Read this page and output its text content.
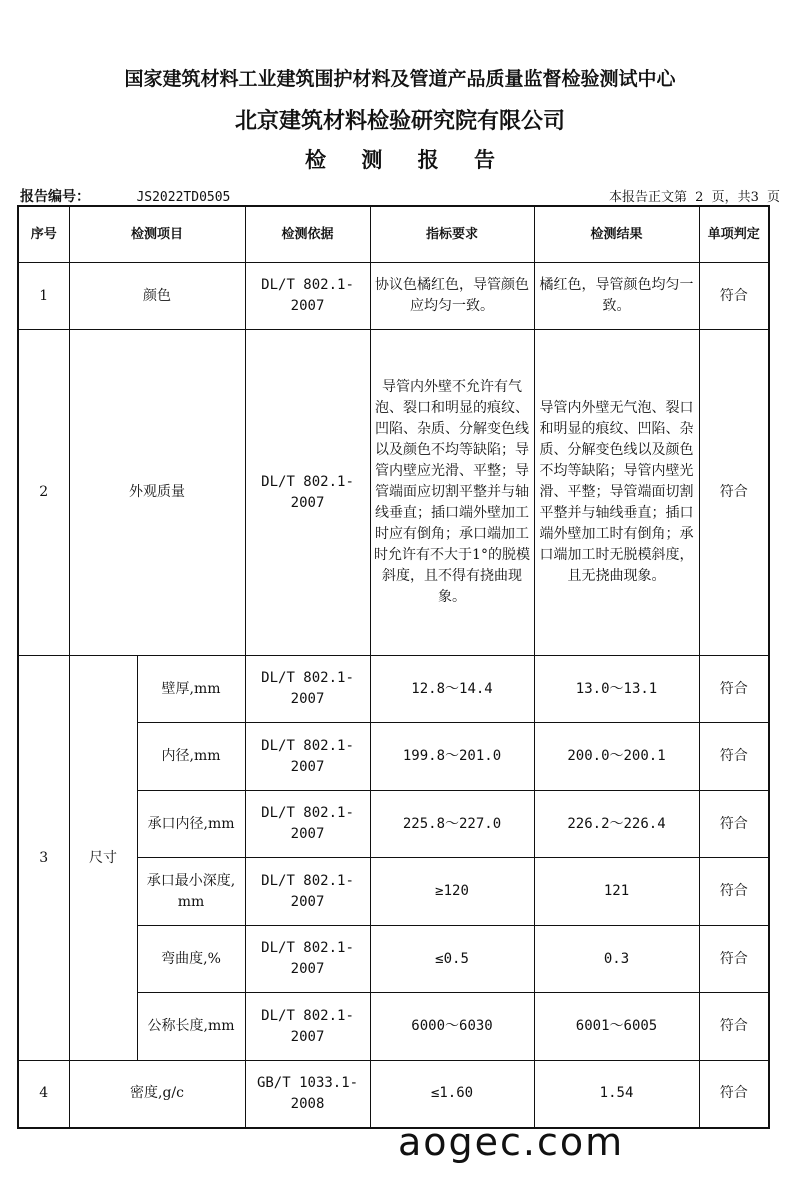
国家建筑材料工业建筑围护材料及管道产品质量监督检验测试中心
北京建筑材料检验研究院有限公司
检 测 报 告
报告编号：	JS2022TD0505	本报告正文第 2 页，共3 页
序号	检测项目		检测依据	指标要求	检测结果	单项判定
1	颜色		DL/T 802.1-2007	协议色橘红色，导管颜色应均匀一致。	橘红色，导管颜色均匀一致。	符合
2	外观质量		DL/T 802.1-2007	导管内外壁不允许有气泡、裂口和明显的痕纹、凹陷、杂质、分解变色线以及颜色不均等缺陷；导管内壁应光滑、平整；导管端面应切割平整并与轴线垂直；插口端外壁加工时应有倒角；承口端加工时允许有不大于1°的脱模斜度，且不得有挠曲现象。	导管内外壁无气泡、裂口和明显的痕纹、凹陷、杂质、分解变色线以及颜色不均等缺陷；导管内壁光滑、平整；导管端面切割平整并与轴线垂直；插口端外壁加工时有倒角；承口端加工时无脱模斜度，且无挠曲现象。	符合
3	尺寸	壁厚,mm	DL/T 802.1-2007	12.8～14.4	13.0～13.1	符合
		内径,mm	DL/T 802.1-2007	199.8～201.0	200.0～200.1	符合
		承口内径,mm	DL/T 802.1-2007	225.8～227.0	226.2～226.4	符合

		承口最小深度,mm	DL/T 802.1-2007	≥120	121	符合
		弯曲度,%	DL/T 802.1-2007	≤0.5	0.3	符合
		公称长度,mm	DL/T 802.1-2007	6000～6030	6001～6005	符合
4	密度,g/c		GB/T 1033.1-2008	≤1.60	1.54	符合
aogec.com
